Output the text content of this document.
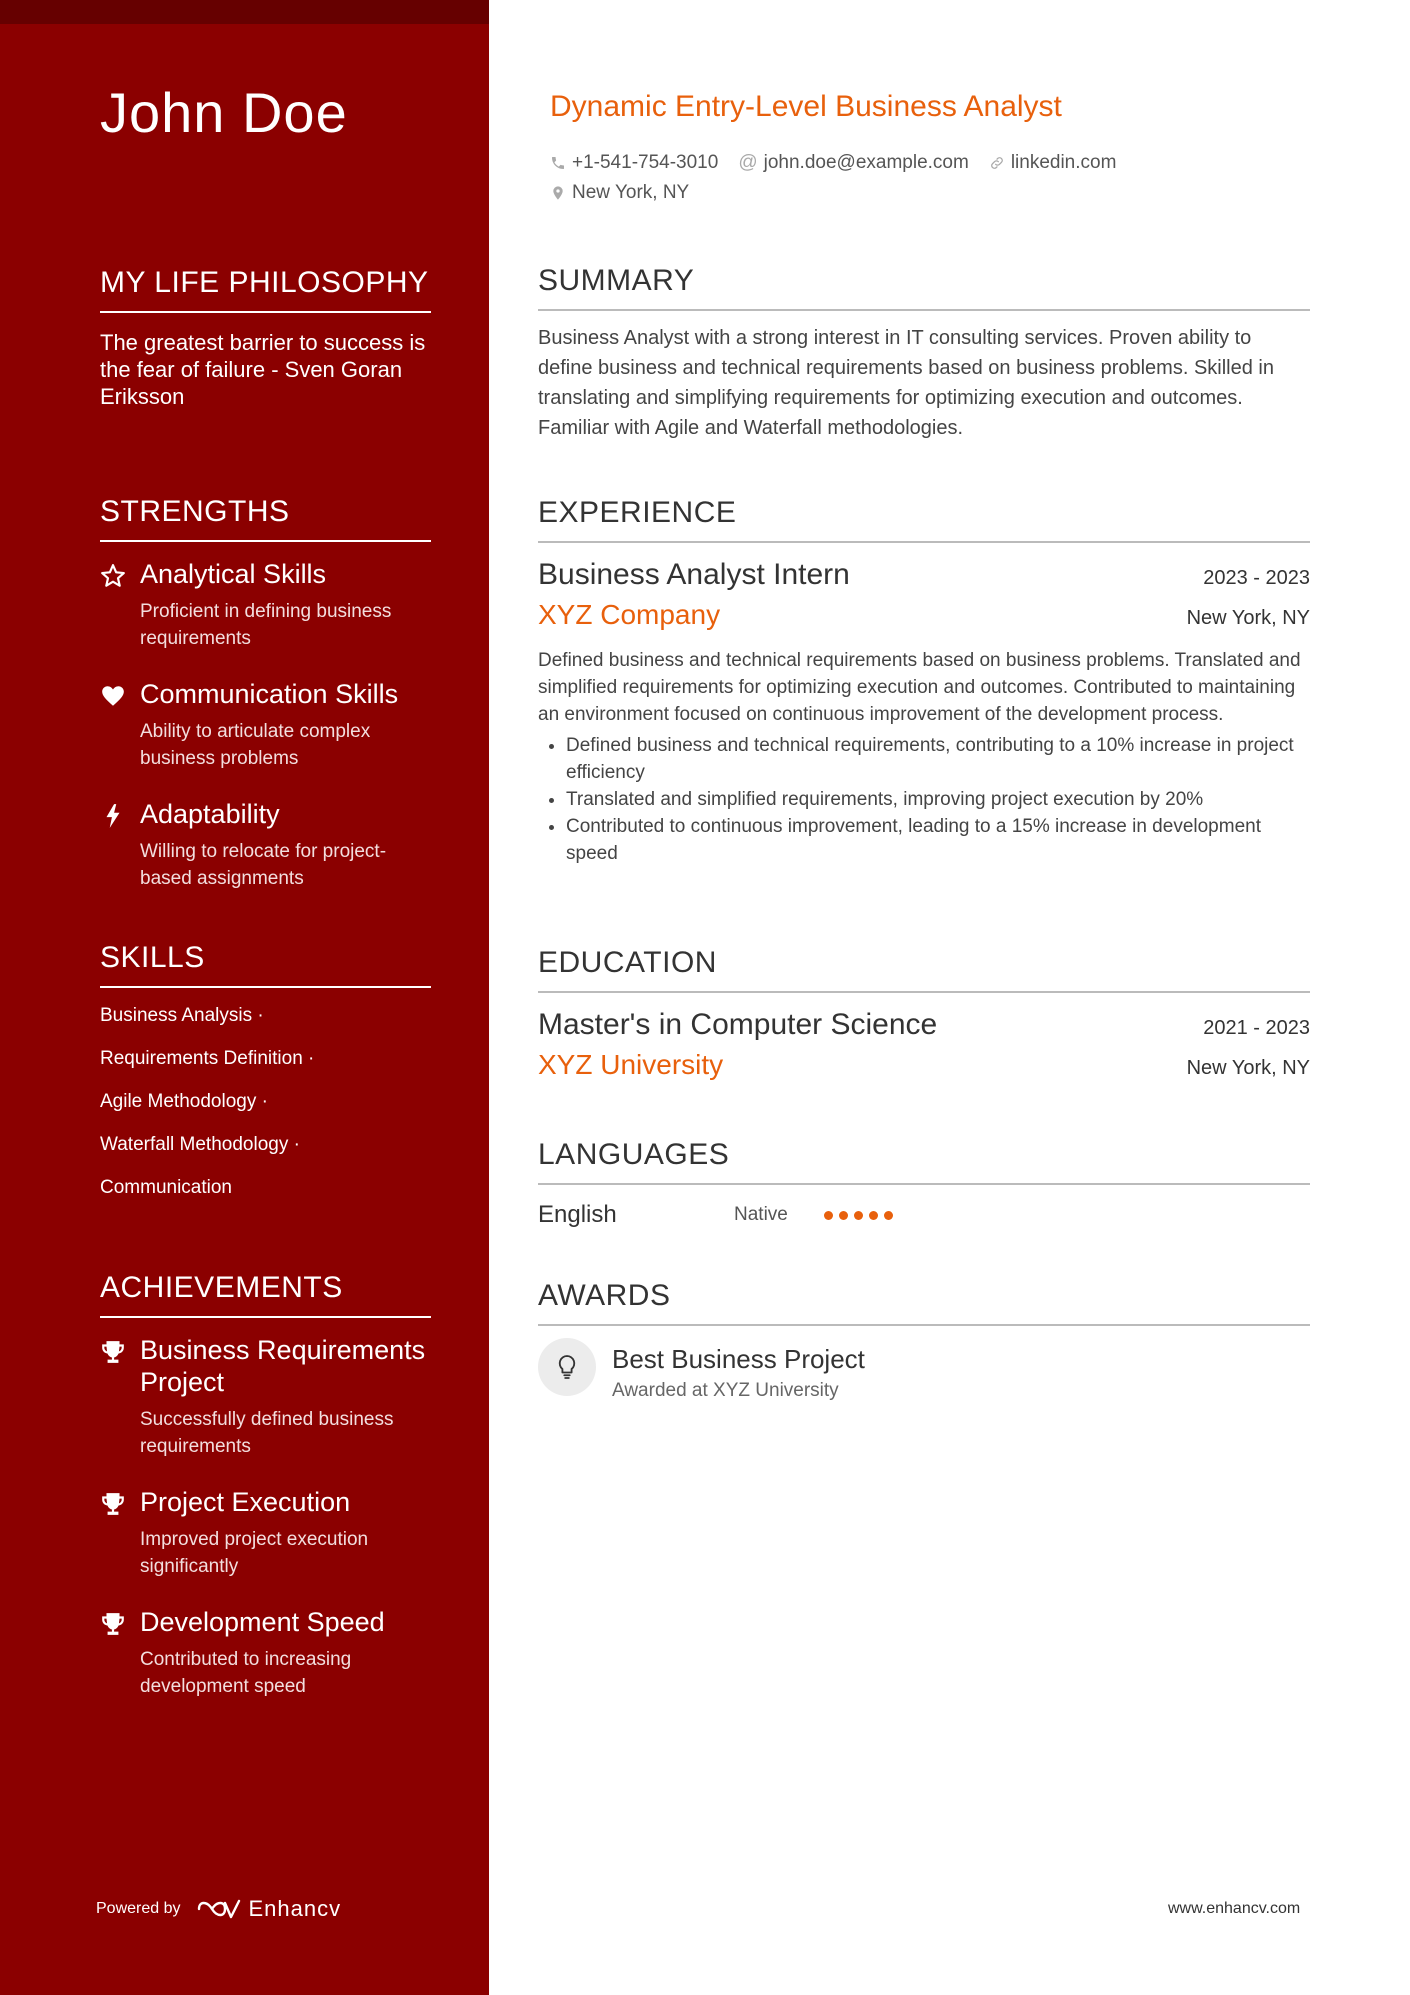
John Doe
MY LIFE PHILOSOPHY

The greatest barrier to success is the fear of failure - Sven Goran Eriksson

STRENGTHS
Analytical Skills
Proficient in defining business requirements
Communication Skills
Ability to articulate complex business problems
Adaptability
Willing to relocate for project-based assignments
SKILLS
Business Analysis ·
Requirements Definition ·
Agile Methodology ·
Waterfall Methodology ·
Communication
ACHIEVEMENTS
Business Requirements Project
Successfully defined business requirements
Project Execution
Improved project execution significantly
Development Speed
Contributed to increasing development speed
Powered by	Enhancv
Dynamic Entry-Level Business Analyst
+1-541-754-3010 @ john.doe@example.com linkedin.com
New York, NY
SUMMARY

Business Analyst with a strong interest in IT consulting services. Proven ability to define business and technical requirements based on business problems. Skilled in translating and simplifying requirements for optimizing execution and outcomes. Familiar with Agile and Waterfall methodologies.

EXPERIENCE
Business Analyst Intern	2023 - 2023
XYZ Company	New York, NY
Defined business and technical requirements based on business problems. Translated and simplified requirements for optimizing execution and outcomes. Contributed to maintaining an environment focused on continuous improvement of the development process.
• Defined business and technical requirements, contributing to a 10% increase in project efficiency
• Translated and simplified requirements, improving project execution by 20%
• Contributed to continuous improvement, leading to a 15% increase in development speed
EDUCATION
Master's in Computer Science	2021 - 2023
XYZ University	New York, NY
LANGUAGES
English	Native
AWARDS
Best Business Project
Awarded at XYZ University
www.enhancv.com
